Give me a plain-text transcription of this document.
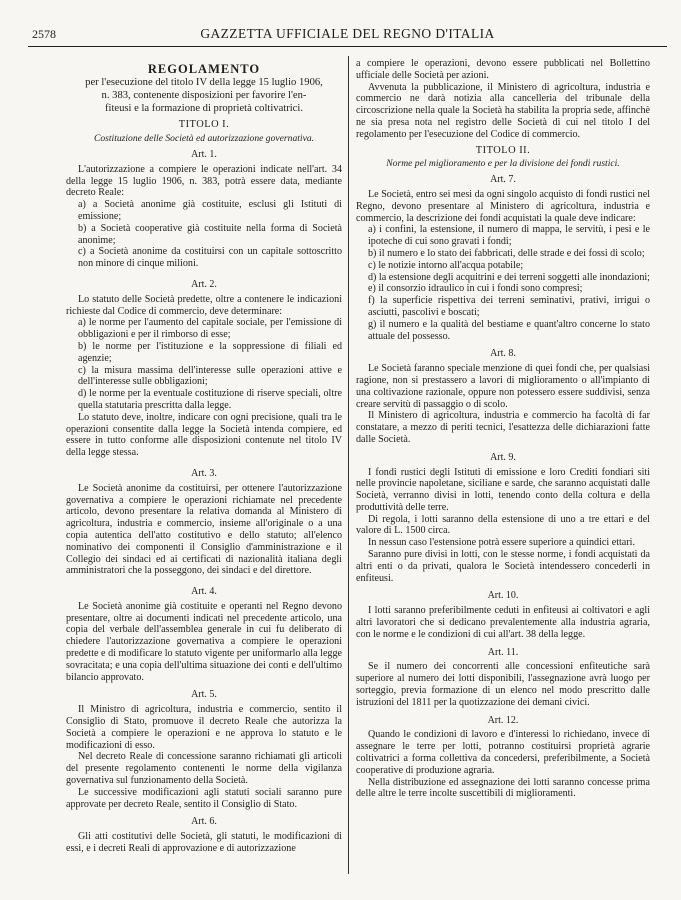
2578	GAZZETTA UFFICIALE DEL REGNO D'ITALIA
REGOLAMENTO
per l'esecuzione del titolo IV della legge 15 luglio 1906,
n. 383, contenente disposizioni per favorire l'en-
fiteusi e la formazione di proprietà coltivatrici.
TITOLO I.
Costituzione delle Società ed autorizzazione governativa.
Art. 1.

L'autorizzazione a compiere le operazioni indicate nell'art. 34 della legge 15 luglio 1906, n. 383, potrà essere data, mediante decreto Reale:

a) a Società anonime già costituite, esclusi gli Istituti di emissione;

b) a Società cooperative già costituite nella forma di Società anonime;

c) a Società anonime da costituirsi con un capitale sottoscritto non minore di cinque milioni.

Art. 2.

Lo statuto delle Società predette, oltre a contenere le indicazioni richieste dal Codice di commercio, deve determinare:

a) le norme per l'aumento del capitale sociale, per l'emissione di obbligazioni e per il rimborso di esse;

b) le norme per l'istituzione e la soppressione di filiali ed agenzie;

c) la misura massima dell'interesse sulle operazioni attive e dell'interesse sulle obbligazioni;

d) le norme per la eventuale costituzione di riserve speciali, oltre quella statutaria prescritta dalla legge.

Lo statuto deve, inoltre, indicare con ogni precisione, quali tra le operazioni consentite dalla legge la Società intenda compiere, ed essere in tutto conforme alle disposizioni contenute nel titolo IV della legge stessa.

Art. 3.

Le Società anonime da costituirsi, per ottenere l'autorizzazione governativa a compiere le operazioni richiamate nel precedente articolo, devono presentare la relativa domanda al Ministero di agricoltura, industria e commercio, insieme all'originale o a una copia autentica dell'atto costitutivo e dello statuto; all'elenco nominativo dei componenti il Consiglio d'amministrazione e il Collegio dei sindaci ed ai certificati di nazionalità italiana degli amministratori che la posseggono, dei sindaci e del direttore.

Art. 4.

Le Società anonime già costituite e operanti nel Regno devono presentare, oltre ai documenti indicati nel precedente articolo, una copia del verbale dell'assemblea generale in cui fu deliberato di chiedere l'autorizzazione governativa a compiere le operazioni predette e di modificare lo statuto vigente per uniformarlo alla legge sovracitata; e una copia dell'ultima situazione dei conti e dell'ultimo bilancio approvato.

Art. 5.

Il Ministro di agricoltura, industria e commercio, sentito il Consiglio di Stato, promuove il decreto Reale che autorizza la Società a compiere le operazioni e ne approva lo statuto e le modificazioni di esso.

Nel decreto Reale di concessione saranno richiamati gli articoli del presente regolamento contenenti le norme della vigilanza governativa sul funzionamento della Società.

Le successive modificazioni agli statuti sociali saranno pure approvate per decreto Reale, sentito il Consiglio di Stato.

Art. 6.

Gli atti costitutivi delle Società, gli statuti, le modificazioni di essi, e i decreti Reali di approvazione e di autorizzazione

a compiere le operazioni, devono essere pubblicati nel Bollettino ufficiale delle Società per azioni.

Avvenuta la pubblicazione, il Ministero di agricoltura, industria e commercio ne darà notizia alla cancelleria del tribunale della circoscrizione nella quale la Società ha stabilita la propria sede, affinchè ne sia presa nota nel registro delle Società di cui nel titolo I del regolamento per l'esecuzione del Codice di commercio.

TITOLO II.
Norme pel miglioramento e per la divisione dei fondi rustici.
Art. 7.

Le Società, entro sei mesi da ogni singolo acquisto di fondi rustici nel Regno, devono presentare al Ministero di agricoltura, industria e commercio, la descrizione dei fondi acquistati la quale deve indicare:

a) i confini, la estensione, il numero di mappa, le servitù, i pesi e le ipoteche di cui sono gravati i fondi;

b) il numero e lo stato dei fabbricati, delle strade e dei fossi di scolo;

c) le notizie intorno all'acqua potabile;

d) la estensione degli acquitrini e dei terreni soggetti alle inondazioni;

e) il consorzio idraulico in cui i fondi sono compresi;

f) la superficie rispettiva dei terreni seminativi, prativi, irrigui o asciutti, pascolivi e boscati;

g) il numero e la qualità del bestiame e quant'altro concerne lo stato attuale del possesso.

Art. 8.

Le Società faranno speciale menzione di quei fondi che, per qualsiasi ragione, non si prestassero a lavori di miglioramento o all'impianto di una coltivazione razionale, oppure non potessero essere suddivisi, senza creare servitù di passaggio o di scolo.

Il Ministero di agricoltura, industria e commercio ha facoltà di far constatare, a mezzo di periti tecnici, l'esattezza delle dichiarazioni fatte dalle Società.

Art. 9.

I fondi rustici degli Istituti di emissione e loro Crediti fondiari siti nelle provincie napoletane, siciliane e sarde, che saranno acquistati dalle Società, verranno divisi in lotti, tenendo conto della coltura e della produttività delle terre.

Di regola, i lotti saranno della estensione di uno a tre ettari e del valore di L. 1500 circa.

In nessun caso l'estensione potrà essere superiore a quindici ettari.

Saranno pure divisi in lotti, con le stesse norme, i fondi acquistati da altri enti o da privati, qualora le Società intendessero concederli in enfiteusi.

Art. 10.

I lotti saranno preferibilmente ceduti in enfiteusi ai coltivatori e agli altri lavoratori che si dedicano prevalentemente alla industria agraria, con le norme e le condizioni di cui all'art. 38 della legge.

Art. 11.

Se il numero dei concorrenti alle concessioni enfiteutiche sarà superiore al numero dei lotti disponibili, l'assegnazione avrà luogo per sorteggio, previa formazione di un elenco nel modo prescritto dalle istruzioni del 1811 per la quotizzazione dei demani civici.

Art. 12.

Quando le condizioni di lavoro e d'interessi lo richiedano, invece di assegnare le terre per lotti, potranno costituirsi proprietà agrarie coltivatrici a forma collettiva da concedersi, preferibilmente, a Società cooperative di produzione agraria.

Nella distribuzione ed assegnazione dei lotti saranno concesse prima delle altre le terre incolte suscettibili di miglioramenti.
